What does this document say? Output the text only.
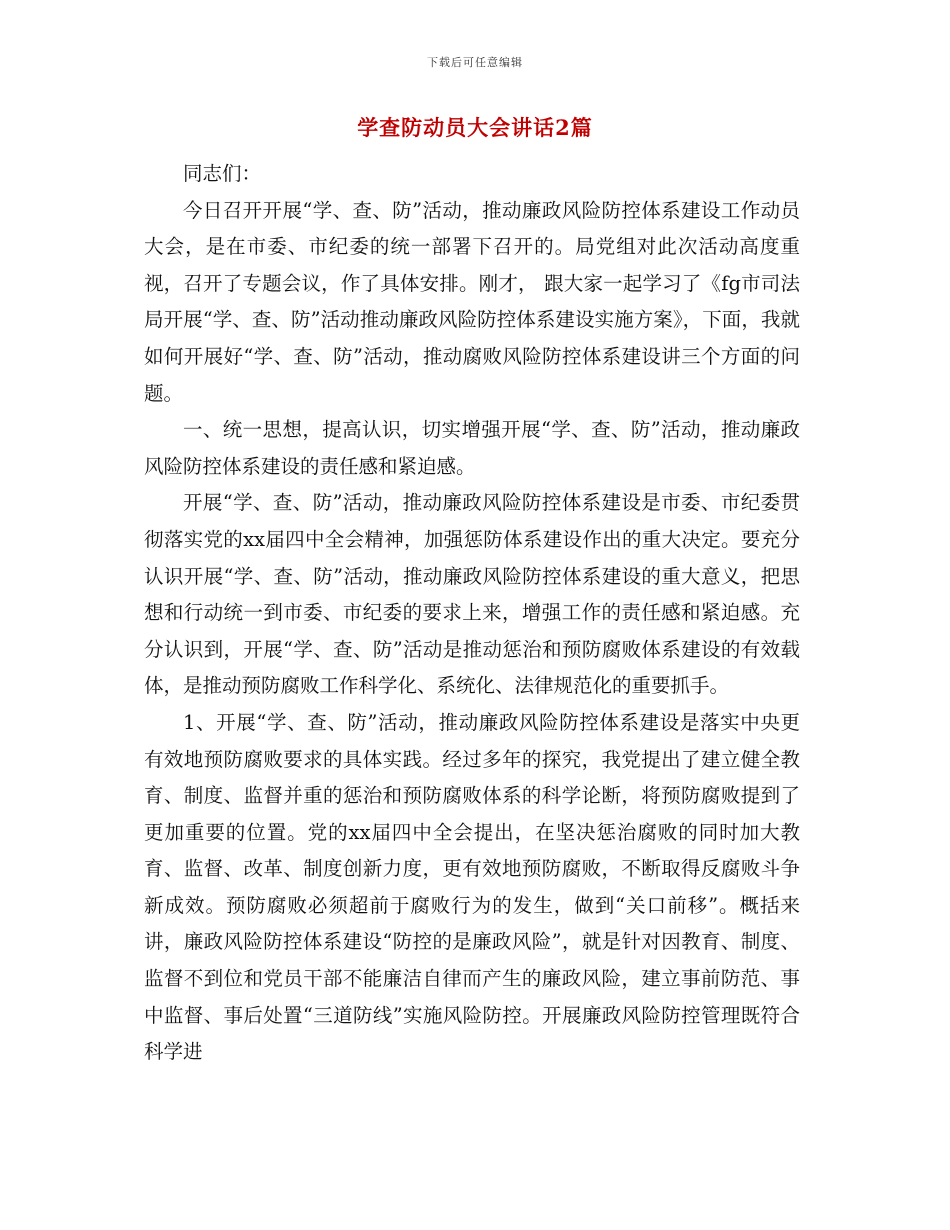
下载后可任意编辑
学查防动员大会讲话2篇

同志们：

今日召开开展“学、查、防”活动，推动廉政风险防控体系建设工作动员大会，是在市委、市纪委的统一部署下召开的。局党组对此次活动高度重视，召开了专题会议，作了具体安排。刚才， 跟大家一起学习了《fg市司法局开展“学、查、防”活动推动廉政风险防控体系建设实施方案》，下面，我就如何开展好“学、查、防”活动，推动腐败风险防控体系建设讲三个方面的问题。

一、统一思想，提高认识，切实增强开展“学、查、防”活动，推动廉政风险防控体系建设的责任感和紧迫感。

开展“学、查、防”活动，推动廉政风险防控体系建设是市委、市纪委贯彻落实党的xx届四中全会精神，加强惩防体系建设作出的重大决定。要充分认识开展“学、查、防”活动，推动廉政风险防控体系建设的重大意义，把思想和行动统一到市委、市纪委的要求上来，增强工作的责任感和紧迫感。充分认识到，开展“学、查、防”活动是推动惩治和预防腐败体系建设的有效载体，是推动预防腐败工作科学化、系统化、法律规范化的重要抓手。

1、开展“学、查、防”活动，推动廉政风险防控体系建设是落实中央更有效地预防腐败要求的具体实践。经过多年的探究，我党提出了建立健全教育、制度、监督并重的惩治和预防腐败体系的科学论断，将预防腐败提到了更加重要的位置。党的xx届四中全会提出，在坚决惩治腐败的同时加大教育、监督、改革、制度创新力度，更有效地预防腐败，不断取得反腐败斗争新成效。预防腐败必须超前于腐败行为的发生，做到“关口前移”。概括来讲，廉政风险防控体系建设“防控的是廉政风险”，就是针对因教育、制度、监督不到位和党员干部不能廉洁自律而产生的廉政风险，建立事前防范、事中监督、事后处置“三道防线”实施风险防控。开展廉政风险防控管理既符合科学进
